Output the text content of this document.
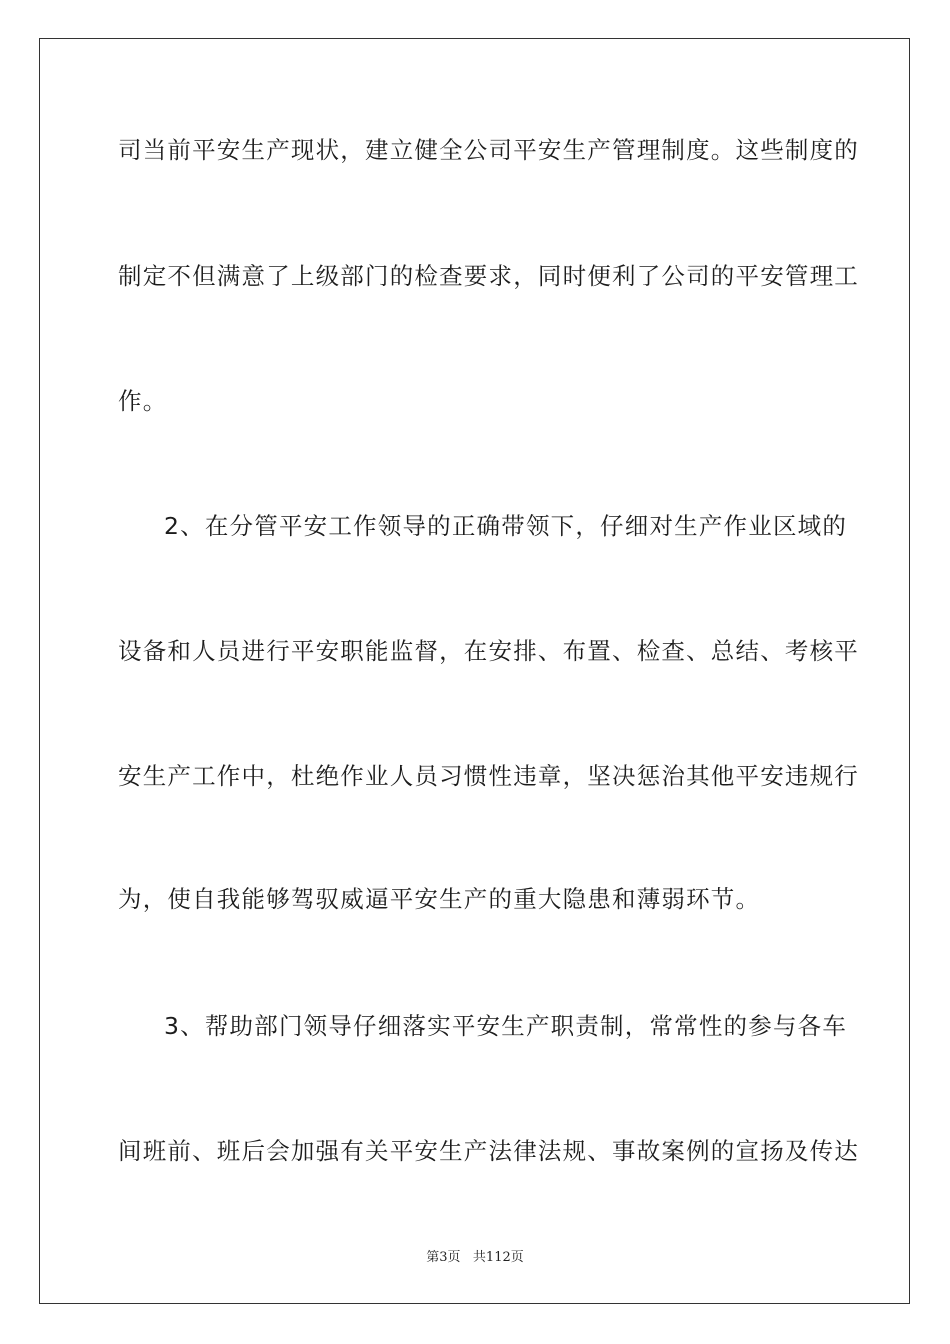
司当前平安生产现状，建立健全公司平安生产管理制度。这些制度的
制定不但满意了上级部门的检查要求，同时便利了公司的平安管理工
作。
2、在分管平安工作领导的正确带领下，仔细对生产作业区域的
设备和人员进行平安职能监督，在安排、布置、检查、总结、考核平
安生产工作中，杜绝作业人员习惯性违章，坚决惩治其他平安违规行
为，使自我能够驾驭威逼平安生产的重大隐患和薄弱环节。
3、帮助部门领导仔细落实平安生产职责制，常常性的参与各车
间班前、班后会加强有关平安生产法律法规、事故案例的宣扬及传达
第3页   共112页
